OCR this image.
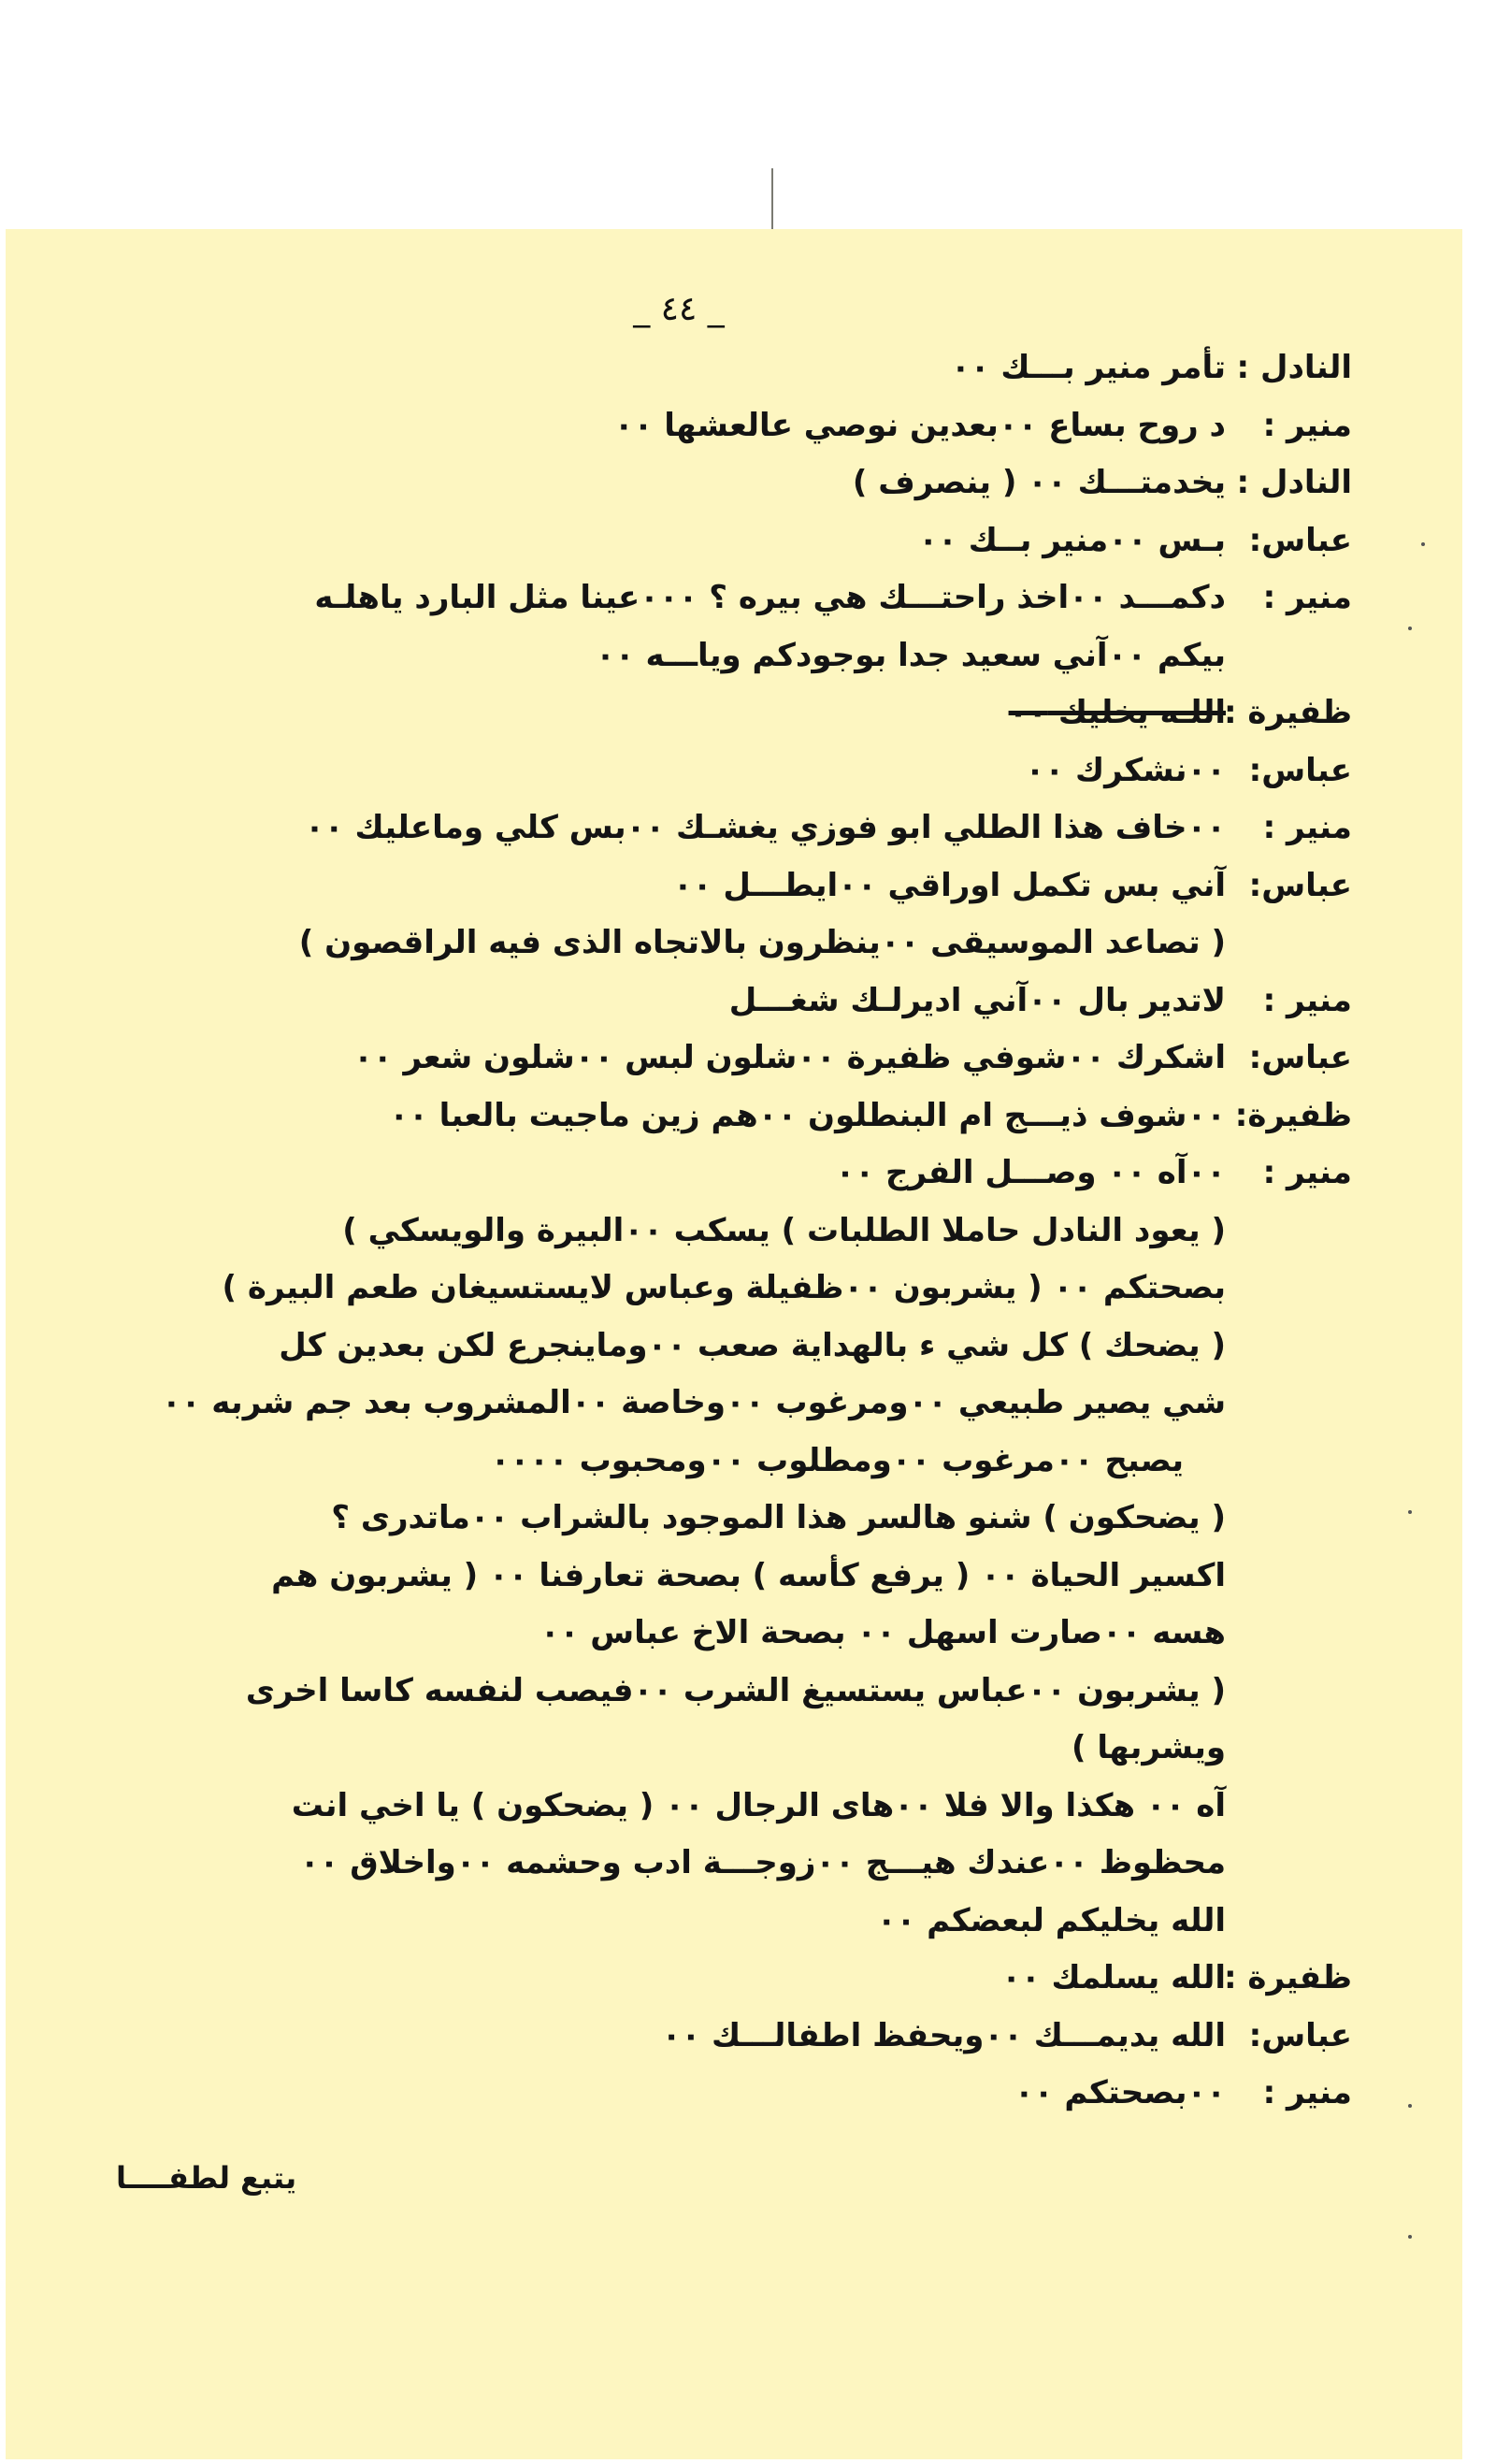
_ ٤٤ _
النادل :
تأمر منير بـــك ٠٠
منير :
د روح بساع ٠٠بعدين نوصي عالعشها ٠٠
النادل :
يخدمتـــك ٠٠ ( ينصرف )
عباس:
بـس ٠٠منير بــك ٠٠
منير :
دكمـــد ٠٠اخذ راحتـــك هي بيره ؟ ٠٠٠عينا مثل البارد ياهلـه
بيكم ٠٠آني سعيد جدا بوجودكم وياـــه ٠٠
ظفيرة :
اللـه يخليك ٠٠
عباس:
٠٠نشكرك ٠٠
منير :
٠٠خاف هذا الطلي ابو فوزي يغشـك ٠٠بس كلي وماعليك ٠٠
عباس:
آني بس تكمل اوراقي ٠٠ايطـــل ٠٠
( تصاعد الموسيقى ٠٠ينظرون بالاتجاه الذى فيه الراقصون )
منير :
لاتدير بال ٠٠آني اديرلـك شغـــل
عباس:
اشكرك ٠٠شوفي ظفيرة ٠٠شلون لبس ٠٠شلون شعر ٠٠
ظفيرة:
٠٠شوف ذيـــج ام البنطلون ٠٠هم زين ماجيت بالعبا ٠٠
منير :
٠٠آه ٠٠ وصـــل الفرج ٠٠
( يعود النادل حاملا الطلبات ) يسكب ٠٠البيرة والويسكي )
بصحتكم ٠٠ ( يشربون ٠٠ظفيلة وعباس لايستسيغان طعم البيرة )
( يضحك ) كل شي ء بالهداية صعب ٠٠وماينجرع لكن بعدين كل
شي يصير طبيعي ٠٠ومرغوب ٠٠وخاصة ٠٠المشروب بعد جم شربه ٠٠
يصبح ٠٠مرغوب ٠٠ومطلوب ٠٠ومحبوب ٠٠٠٠
( يضحكون ) شنو هالسر هذا الموجود بالشراب ٠٠ماتدرى ؟
اكسير الحياة ٠٠ ( يرفع كأسه ) بصحة تعارفنا ٠٠ ( يشربون هم
هسه ٠٠صارت اسهل ٠٠ بصحة الاخ عباس ٠٠
( يشربون ٠٠عباس يستسيغ الشرب ٠٠فيصب لنفسه كاسا اخرى
ويشربها )
آه ٠٠ هكذا والا فلا ٠٠هاى الرجال ٠٠ ( يضحكون ) يا اخي انت
محظوظ ٠٠عندك هيـــج ٠٠زوجـــة ادب وحشمه ٠٠واخلاق ٠٠
الله يخليكم لبعضكم ٠٠
ظفيرة :
الله يسلمك ٠٠
عباس:
الله يديمـــك ٠٠ويحفظ اطفالـــك ٠٠
منير :
٠٠بصحتكم ٠٠
يتبع لطفــــا
